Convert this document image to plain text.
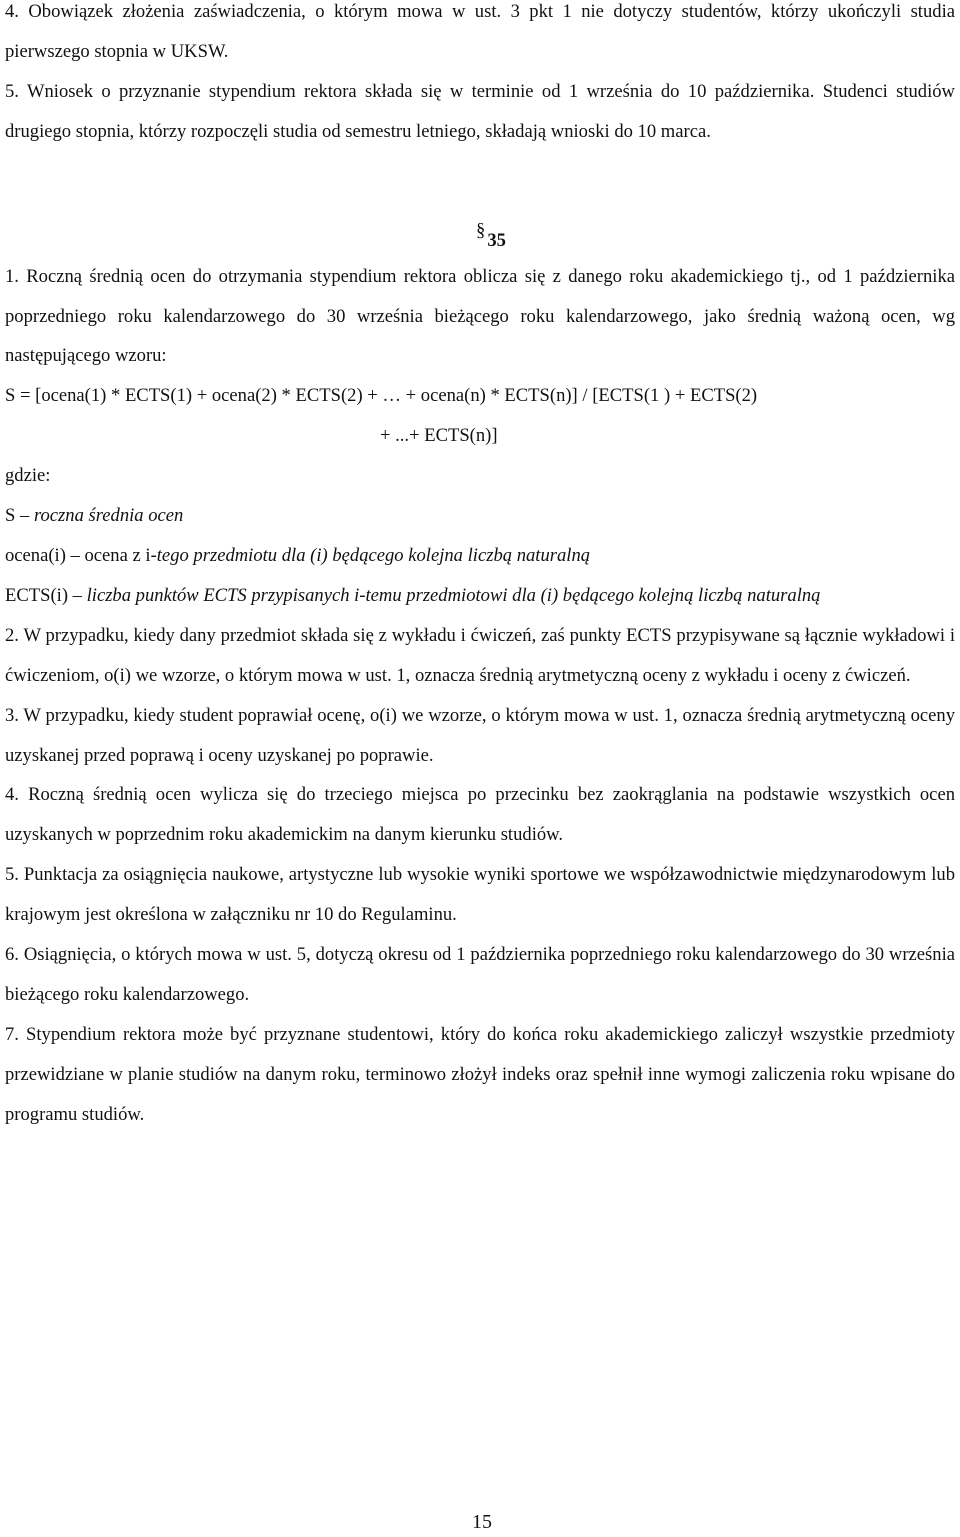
4. Obowiązek złożenia zaświadczenia, o którym mowa w ust. 3 pkt 1 nie dotyczy studentów, którzy ukończyli studia pierwszego stopnia w UKSW.

5. Wniosek o przyznanie stypendium rektora składa się w terminie od 1 września do 10 października. Studenci studiów drugiego stopnia, którzy rozpoczęli studia od semestru letniego, składają wnioski do 10 marca.

§ 35

1. Roczną średnią ocen do otrzymania stypendium rektora oblicza się z danego roku akademickiego tj., od 1 października poprzedniego roku kalendarzowego do 30 września bieżącego roku kalendarzowego, jako średnią ważoną ocen, wg następującego wzoru:

S = [ocena(1) * ECTS(1) + ocena(2) * ECTS(2) + … + ocena(n) * ECTS(n)] / [ECTS(1 ) + ECTS(2)

+ ...+ ECTS(n)]

gdzie:

S – roczna średnia ocen

ocena(i) – ocena z i-tego przedmiotu dla (i) będącego kolejna liczbą naturalną

ECTS(i) – liczba punktów ECTS przypisanych i-temu przedmiotowi dla (i) będącego kolejną liczbą naturalną

2. W przypadku, kiedy dany przedmiot składa się z wykładu i ćwiczeń, zaś punkty ECTS przypisywane są łącznie wykładowi i ćwiczeniom, o(i) we wzorze, o którym mowa w ust. 1, oznacza średnią arytmetyczną oceny z wykładu i oceny z ćwiczeń.

3. W przypadku, kiedy student poprawiał ocenę, o(i) we wzorze, o którym mowa w ust. 1, oznacza średnią arytmetyczną oceny uzyskanej przed poprawą i oceny uzyskanej po poprawie.

4. Roczną średnią ocen wylicza się do trzeciego miejsca po przecinku bez zaokrąglania na podstawie wszystkich ocen uzyskanych w poprzednim roku akademickim na danym kierunku studiów.

5. Punktacja za osiągnięcia naukowe, artystyczne lub wysokie wyniki sportowe we współzawodnictwie międzynarodowym lub krajowym jest określona w załączniku nr 10 do Regulaminu.

6. Osiągnięcia, o których mowa w ust. 5, dotyczą okresu od 1 października poprzedniego roku kalendarzowego do 30 września bieżącego roku kalendarzowego.

7. Stypendium rektora może być przyznane studentowi, który do końca roku akademickiego zaliczył wszystkie przedmioty przewidziane w planie studiów na danym roku, terminowo złożył indeks oraz spełnił inne wymogi zaliczenia roku wpisane do programu studiów.

15
